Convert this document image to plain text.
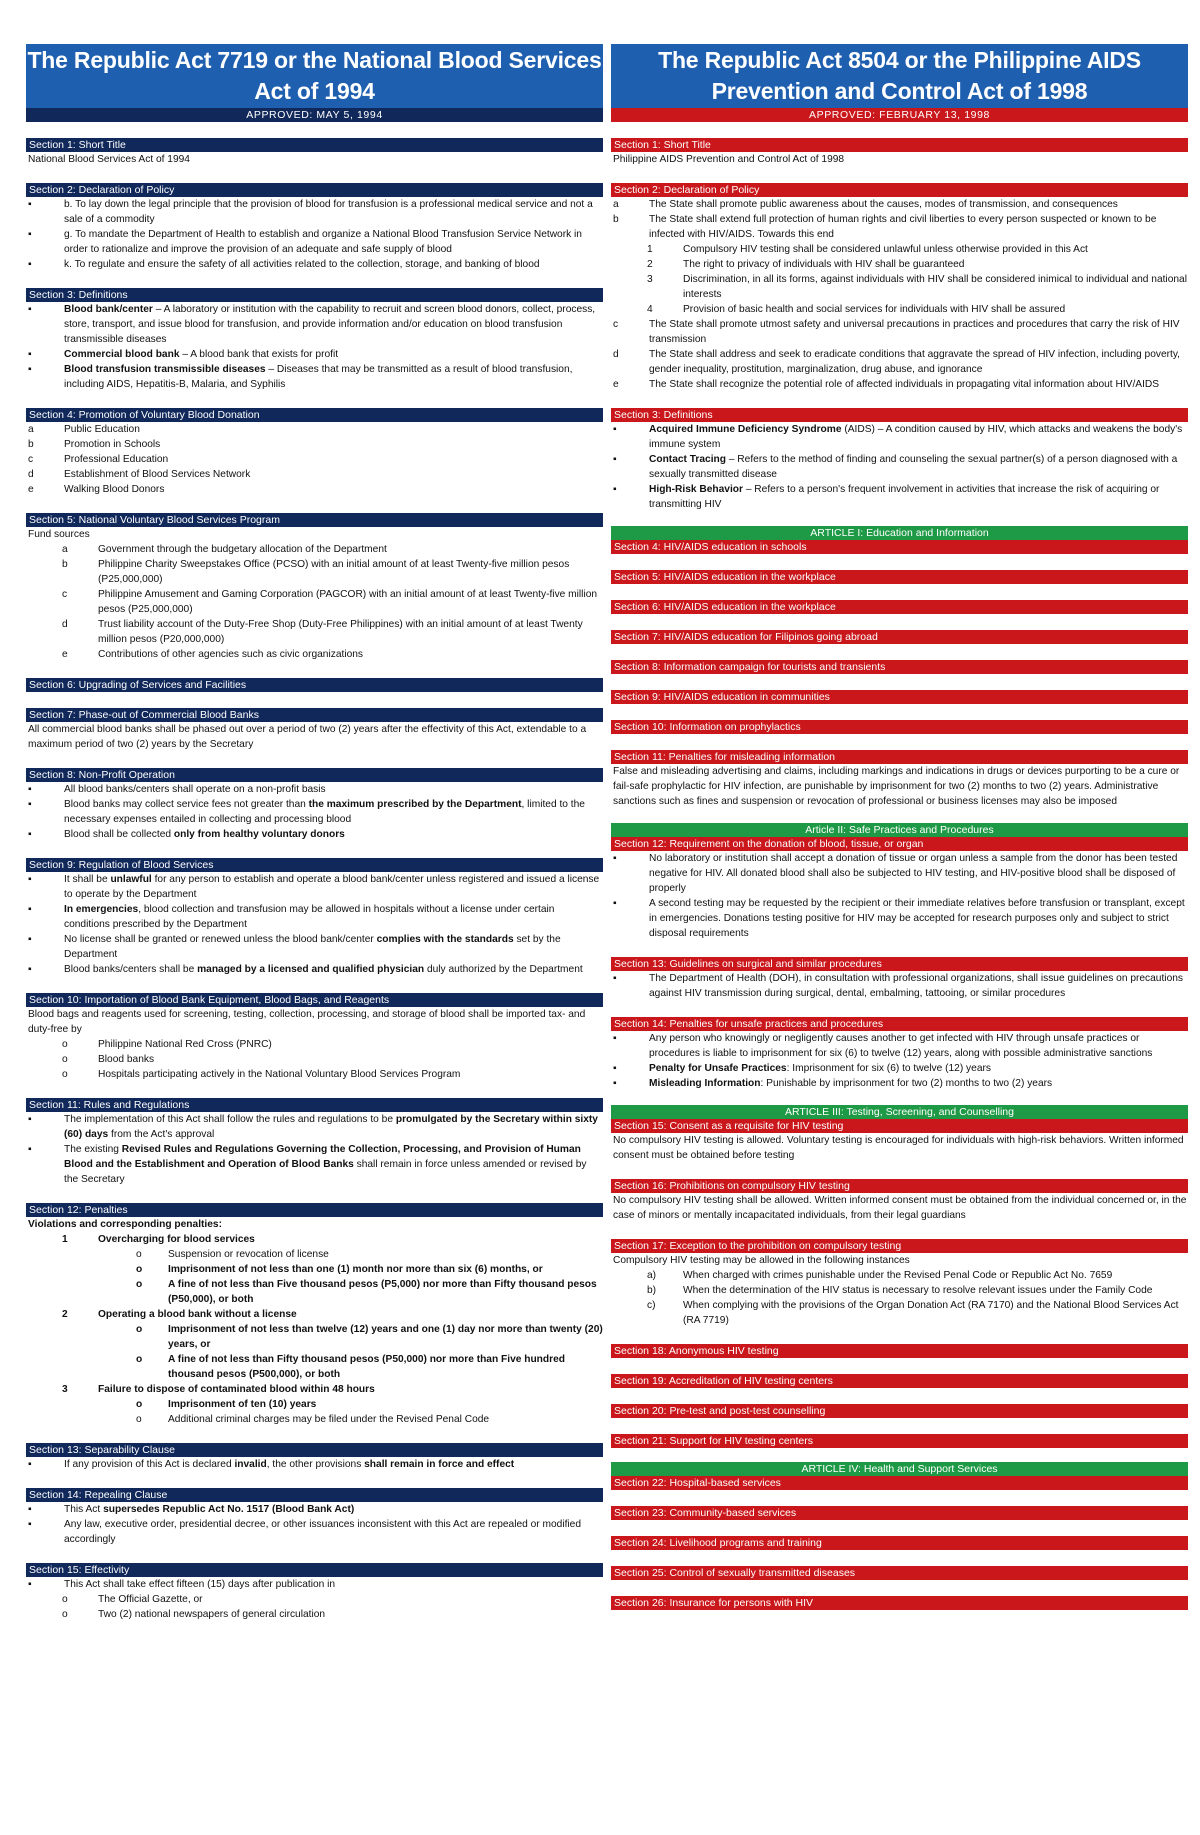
The Republic Act 7719 or the National Blood Services Act of 1994
APPROVED: MAY 5, 1994
Section 1: Short Title
National Blood Services Act of 1994
Section 2: Declaration of Policy
▪	b. To lay down the legal principle that the provision of blood for transfusion is a professional medical service and not a sale of a commodity
▪	g. To mandate the Department of Health to establish and organize a National Blood Transfusion Service Network in order to rationalize and improve the provision of an adequate and safe supply of blood
▪	k. To regulate and ensure the safety of all activities related to the collection, storage, and banking of blood
Section 3: Definitions
▪	Blood bank/center – A laboratory or institution with the capability to recruit and screen blood donors, collect, process, store, transport, and issue blood for transfusion, and provide information and/or education on blood transfusion transmissible diseases
▪	Commercial blood bank – A blood bank that exists for profit
▪	Blood transfusion transmissible diseases – Diseases that may be transmitted as a result of blood transfusion, including AIDS, Hepatitis-B, Malaria, and Syphilis
Section 4: Promotion of Voluntary Blood Donation
a	Public Education
b	Promotion in Schools
c	Professional Education
d	Establishment of Blood Services Network
e	Walking Blood Donors
Section 5: National Voluntary Blood Services Program
Fund sources
a	Government through the budgetary allocation of the Department
b	Philippine Charity Sweepstakes Office (PCSO) with an initial amount of at least Twenty-five million pesos (P25,000,000)
c	Philippine Amusement and Gaming Corporation (PAGCOR) with an initial amount of at least Twenty-five million pesos (P25,000,000)
d	Trust liability account of the Duty-Free Shop (Duty-Free Philippines) with an initial amount of at least Twenty million pesos (P20,000,000)
e	Contributions of other agencies such as civic organizations
Section 6: Upgrading of Services and Facilities
Section 7: Phase-out of Commercial Blood Banks
All commercial blood banks shall be phased out over a period of two (2) years after the effectivity of this Act, extendable to a maximum period of two (2) years by the Secretary
Section 8: Non-Profit Operation
▪	All blood banks/centers shall operate on a non-profit basis
▪	Blood banks may collect service fees not greater than the maximum prescribed by the Department, limited to the necessary expenses entailed in collecting and processing blood
▪	Blood shall be collected only from healthy voluntary donors
Section 9: Regulation of Blood Services
▪	It shall be unlawful for any person to establish and operate a blood bank/center unless registered and issued a license to operate by the Department
▪	In emergencies, blood collection and transfusion may be allowed in hospitals without a license under certain conditions prescribed by the Department
▪	No license shall be granted or renewed unless the blood bank/center complies with the standards set by the Department
▪	Blood banks/centers shall be managed by a licensed and qualified physician duly authorized by the Department
Section 10: Importation of Blood Bank Equipment, Blood Bags, and Reagents
Blood bags and reagents used for screening, testing, collection, processing, and storage of blood shall be imported tax- and duty-free by
o	Philippine National Red Cross (PNRC)
o	Blood banks
o	Hospitals participating actively in the National Voluntary Blood Services Program
Section 11: Rules and Regulations
▪	The implementation of this Act shall follow the rules and regulations to be promulgated by the Secretary within sixty (60) days from the Act's approval
▪	The existing Revised Rules and Regulations Governing the Collection, Processing, and Provision of Human Blood and the Establishment and Operation of Blood Banks shall remain in force unless amended or revised by the Secretary
Section 12: Penalties
Violations and corresponding penalties:
1	Overcharging for blood services
o	Suspension or revocation of license
o	Imprisonment of not less than one (1) month nor more than six (6) months, or
o	A fine of not less than Five thousand pesos (P5,000) nor more than Fifty thousand pesos (P50,000), or both
2	Operating a blood bank without a license
o	Imprisonment of not less than twelve (12) years and one (1) day nor more than twenty (20) years, or
o	A fine of not less than Fifty thousand pesos (P50,000) nor more than Five hundred thousand pesos (P500,000), or both
3	Failure to dispose of contaminated blood within 48 hours
o	Imprisonment of ten (10) years
o	Additional criminal charges may be filed under the Revised Penal Code
Section 13: Separability Clause
▪	If any provision of this Act is declared invalid, the other provisions shall remain in force and effect
Section 14: Repealing Clause
▪	This Act supersedes Republic Act No. 1517 (Blood Bank Act)
▪	Any law, executive order, presidential decree, or other issuances inconsistent with this Act are repealed or modified accordingly
Section 15: Effectivity
▪	This Act shall take effect fifteen (15) days after publication in
o	The Official Gazette, or
o	Two (2) national newspapers of general circulation
The Republic Act 8504 or the Philippine AIDS Prevention and Control Act of 1998
APPROVED: FEBRUARY 13, 1998
Section 1: Short Title
Philippine AIDS Prevention and Control Act of 1998
Section 2: Declaration of Policy
a	The State shall promote public awareness about the causes, modes of transmission, and consequences
b	The State shall extend full protection of human rights and civil liberties to every person suspected or known to be infected with HIV/AIDS. Towards this end
1	Compulsory HIV testing shall be considered unlawful unless otherwise provided in this Act
2	The right to privacy of individuals with HIV shall be guaranteed
3	Discrimination, in all its forms, against individuals with HIV shall be considered inimical to individual and national interests
4	Provision of basic health and social services for individuals with HIV shall be assured
c	The State shall promote utmost safety and universal precautions in practices and procedures that carry the risk of HIV transmission
d	The State shall address and seek to eradicate conditions that aggravate the spread of HIV infection, including poverty, gender inequality, prostitution, marginalization, drug abuse, and ignorance
e	The State shall recognize the potential role of affected individuals in propagating vital information about HIV/AIDS
Section 3: Definitions
▪	Acquired Immune Deficiency Syndrome (AIDS) – A condition caused by HIV, which attacks and weakens the body's immune system
▪	Contact Tracing – Refers to the method of finding and counseling the sexual partner(s) of a person diagnosed with a sexually transmitted disease
▪	High-Risk Behavior – Refers to a person's frequent involvement in activities that increase the risk of acquiring or transmitting HIV
ARTICLE I: Education and Information
Section 4: HIV/AIDS education in schools
Section 5: HIV/AIDS education in the workplace
Section 6: HIV/AIDS education in the workplace
Section 7: HIV/AIDS education for Filipinos going abroad
Section 8: Information campaign for tourists and transients
Section 9: HIV/AIDS education in communities
Section 10: Information on prophylactics
Section 11: Penalties for misleading information
False and misleading advertising and claims, including markings and indications in drugs or devices purporting to be a cure or fail-safe prophylactic for HIV infection, are punishable by imprisonment for two (2) months to two (2) years. Administrative sanctions such as fines and suspension or revocation of professional or business licenses may also be imposed
Article II: Safe Practices and Procedures
Section 12: Requirement on the donation of blood, tissue, or organ
▪	No laboratory or institution shall accept a donation of tissue or organ unless a sample from the donor has been tested negative for HIV. All donated blood shall also be subjected to HIV testing, and HIV-positive blood shall be disposed of properly
▪	A second testing may be requested by the recipient or their immediate relatives before transfusion or transplant, except in emergencies. Donations testing positive for HIV may be accepted for research purposes only and subject to strict disposal requirements
Section 13: Guidelines on surgical and similar procedures
▪	The Department of Health (DOH), in consultation with professional organizations, shall issue guidelines on precautions against HIV transmission during surgical, dental, embalming, tattooing, or similar procedures
Section 14: Penalties for unsafe practices and procedures
▪	Any person who knowingly or negligently causes another to get infected with HIV through unsafe practices or procedures is liable to imprisonment for six (6) to twelve (12) years, along with possible administrative sanctions
▪	Penalty for Unsafe Practices: Imprisonment for six (6) to twelve (12) years
▪	Misleading Information: Punishable by imprisonment for two (2) months to two (2) years
ARTICLE III: Testing, Screening, and Counselling
Section 15: Consent as a requisite for HIV testing
No compulsory HIV testing is allowed. Voluntary testing is encouraged for individuals with high-risk behaviors. Written informed consent must be obtained before testing
Section 16: Prohibitions on compulsory HIV testing
No compulsory HIV testing shall be allowed. Written informed consent must be obtained from the individual concerned or, in the case of minors or mentally incapacitated individuals, from their legal guardians
Section 17: Exception to the prohibition on compulsory testing
Compulsory HIV testing may be allowed in the following instances
a)	When charged with crimes punishable under the Revised Penal Code or Republic Act No. 7659
b)	When the determination of the HIV status is necessary to resolve relevant issues under the Family Code
c)	When complying with the provisions of the Organ Donation Act (RA 7170) and the National Blood Services Act (RA 7719)
Section 18: Anonymous HIV testing
Section 19: Accreditation of HIV testing centers
Section 20: Pre-test and post-test counselling
Section 21: Support for HIV testing centers
ARTICLE IV: Health and Support Services
Section 22: Hospital-based services
Section 23: Community-based services
Section 24: Livelihood programs and training
Section 25: Control of sexually transmitted diseases
Section 26: Insurance for persons with HIV
